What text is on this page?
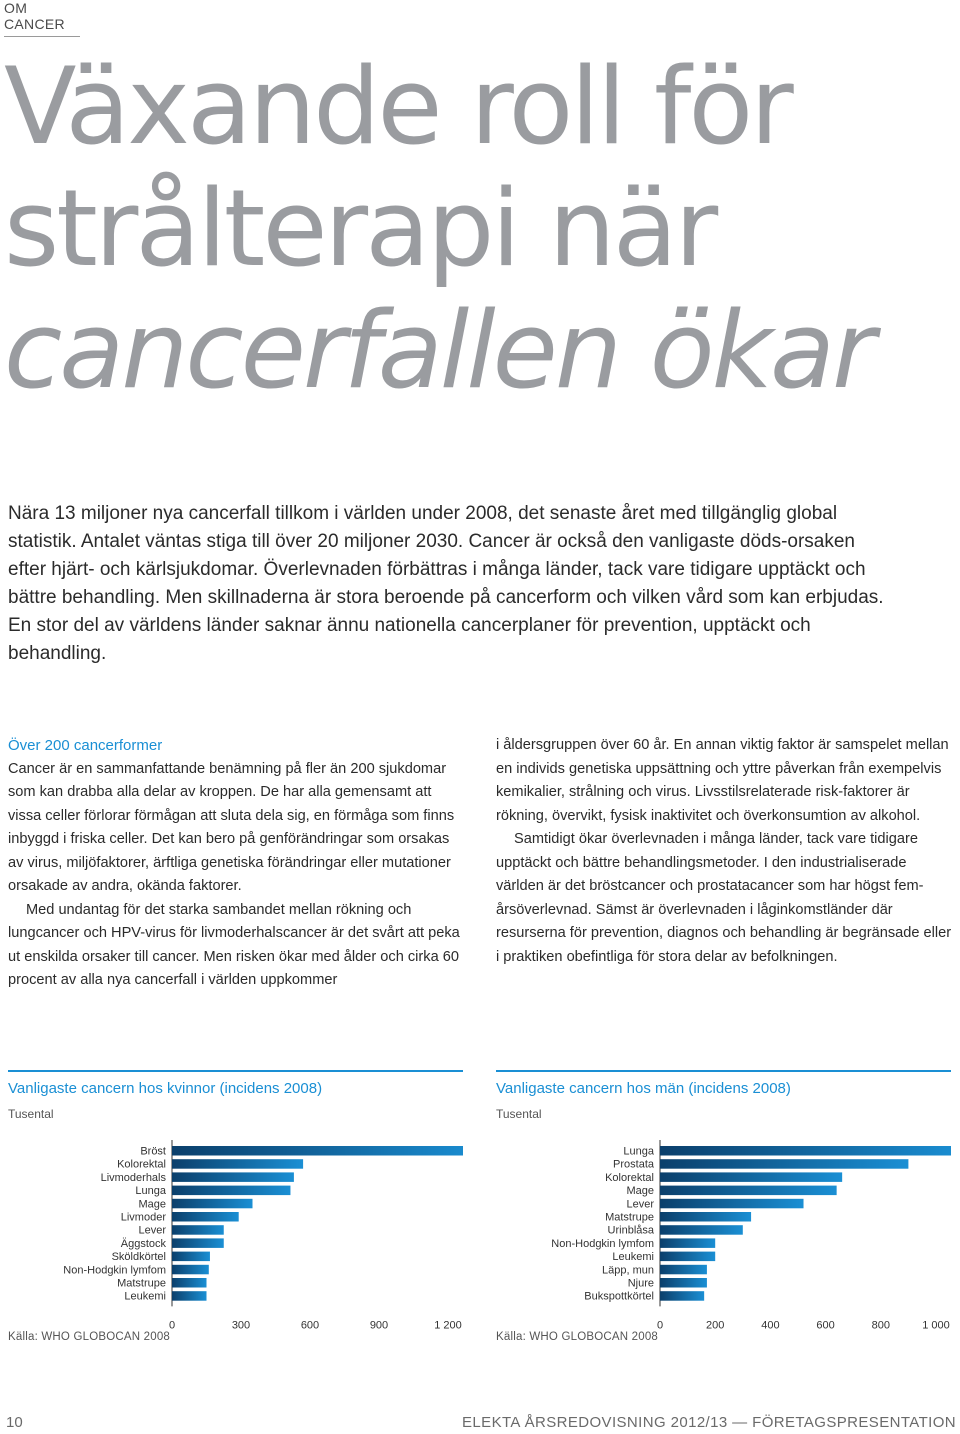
OM CANCER
Växande roll för
strålterapi när
cancerfallen ökar
Nära 13 miljoner nya cancerfall tillkom i världen under 2008, det senaste året med tillgänglig global statistik. Antalet väntas stiga till över 20 miljoner 2030. Cancer är också den vanligaste döds-orsaken efter hjärt- och kärlsjukdomar. Överlevnaden förbättras i många länder, tack vare tidigare upptäckt och bättre behandling. Men skillnaderna är stora beroende på cancerform och vilken vård som kan erbjudas. En stor del av världens länder saknar ännu nationella cancerplaner för prevention, upptäckt och behandling.

Över 200 cancerformer

Cancer är en sammanfattande benämning på fler än 200 sjukdomar som kan drabba alla delar av kroppen. De har alla gemensamt att vissa celler förlorar förmågan att sluta dela sig, en förmåga som finns inbyggd i friska celler. Det kan bero på genförändringar som orsakas av virus, miljöfaktorer, ärftliga genetiska förändringar eller mutationer orsakade av andra, okända faktorer.

Med undantag för det starka sambandet mellan rökning och lungcancer och HPV-virus för livmoderhalscancer är det svårt att peka ut enskilda orsaker till cancer. Men risken ökar med ålder och cirka 60 procent av alla nya cancerfall i världen uppkommer

i åldersgruppen över 60 år. En annan viktig faktor är samspelet mellan en individs genetiska uppsättning och yttre påverkan från exempelvis kemikalier, strålning och virus. Livsstilsrelaterade risk-faktorer är rökning, övervikt, fysisk inaktivitet och överkonsumtion av alkohol.

Samtidigt ökar överlevnaden i många länder, tack vare tidigare upptäckt och bättre behandlingsmetoder. I den industrialiserade världen är det bröstcancer och prostatacancer som har högst fem-årsöverlevnad. Sämst är överlevnaden i låginkomstländer där resurserna för prevention, diagnos och behandling är begränsade eller i praktiken obefintliga för stora delar av befolkningen.

Vanligaste cancern hos kvinnor (incidens 2008)
Tusental
Bröst
Kolorektal
Livmoderhals
Lunga
Mage
Livmoder
Lever
Äggstock
Sköldkörtel
Non-Hodgkin lymfom
Matstrupe
Leukemi
0	300	600	900	1 200
Källa: WHO GLOBOCAN 2008
Vanligaste cancern hos män (incidens 2008)
Tusental
Lunga
Prostata
Kolorektal
Mage
Lever
Matstrupe
Urinblåsa
Non-Hodgkin lymfom
Leukemi
Läpp, mun
Njure
Bukspottkörtel
0	200	400	600	800	1 000
Källa: WHO GLOBOCAN 2008
10	ELEKTA ÅRSREDOVISNING 2012/13 — FÖRETAGSPRESENTATION
